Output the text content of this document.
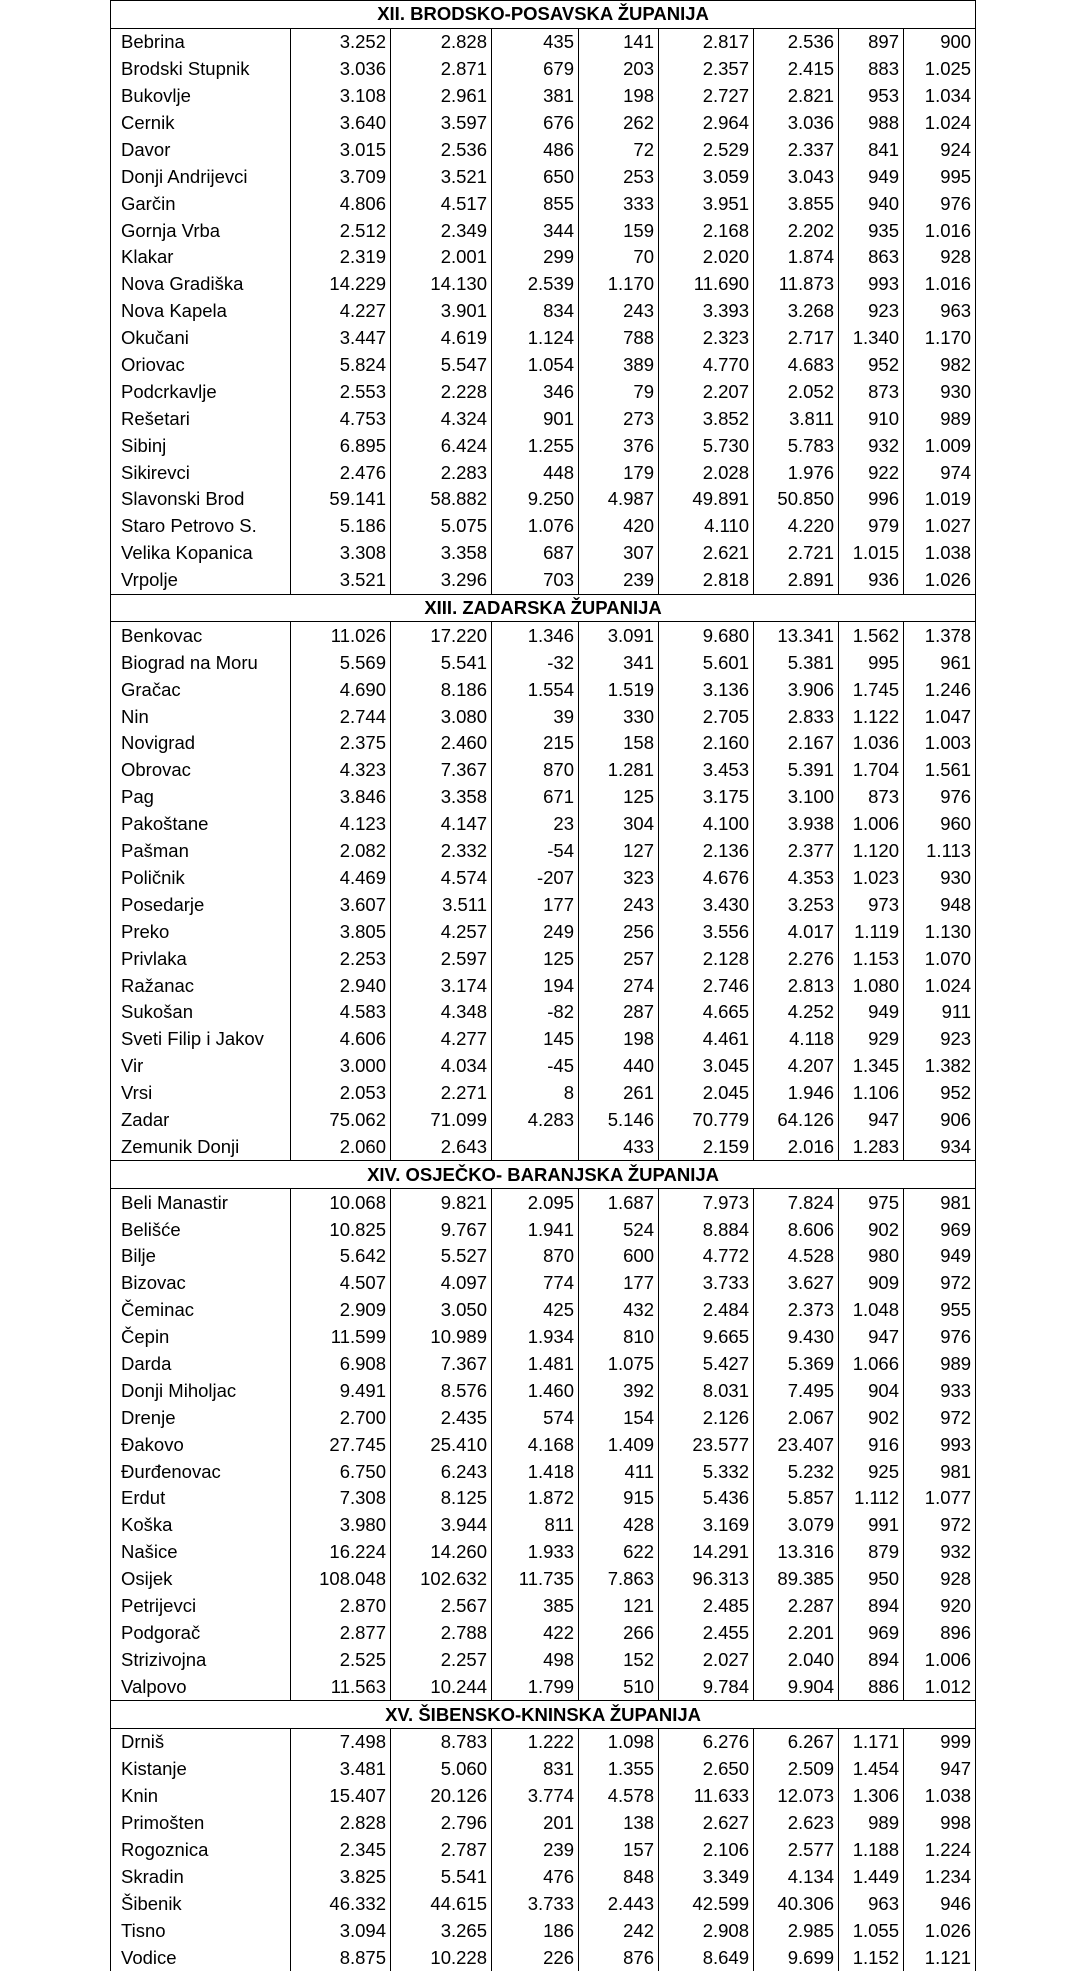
XII. BRODSKO-POSAVSKA ŽUPANIJA								
Bebrina	3.252	2.828	435	141	2.817	2.536	897	900
Brodski Stupnik	3.036	2.871	679	203	2.357	2.415	883	1.025
Bukovlje	3.108	2.961	381	198	2.727	2.821	953	1.034
Cernik	3.640	3.597	676	262	2.964	3.036	988	1.024
Davor	3.015	2.536	486	72	2.529	2.337	841	924
Donji Andrijevci	3.709	3.521	650	253	3.059	3.043	949	995
Garčin	4.806	4.517	855	333	3.951	3.855	940	976
Gornja Vrba	2.512	2.349	344	159	2.168	2.202	935	1.016
Klakar	2.319	2.001	299	70	2.020	1.874	863	928
Nova Gradiška	14.229	14.130	2.539	1.170	11.690	11.873	993	1.016
Nova Kapela	4.227	3.901	834	243	3.393	3.268	923	963
Okučani	3.447	4.619	1.124	788	2.323	2.717	1.340	1.170
Oriovac	5.824	5.547	1.054	389	4.770	4.683	952	982
Podcrkavlje	2.553	2.228	346	79	2.207	2.052	873	930
Rešetari	4.753	4.324	901	273	3.852	3.811	910	989
Sibinj	6.895	6.424	1.255	376	5.730	5.783	932	1.009
Sikirevci	2.476	2.283	448	179	2.028	1.976	922	974
Slavonski Brod	59.141	58.882	9.250	4.987	49.891	50.850	996	1.019
Staro Petrovo S.	5.186	5.075	1.076	420	4.110	4.220	979	1.027
Velika Kopanica	3.308	3.358	687	307	2.621	2.721	1.015	1.038
Vrpolje	3.521	3.296	703	239	2.818	2.891	936	1.026
XIII. ZADARSKA ŽUPANIJA								
Benkovac	11.026	17.220	1.346	3.091	9.680	13.341	1.562	1.378
Biograd na Moru	5.569	5.541	-32	341	5.601	5.381	995	961
Gračac	4.690	8.186	1.554	1.519	3.136	3.906	1.745	1.246
Nin	2.744	3.080	39	330	2.705	2.833	1.122	1.047
Novigrad	2.375	2.460	215	158	2.160	2.167	1.036	1.003
Obrovac	4.323	7.367	870	1.281	3.453	5.391	1.704	1.561
Pag	3.846	3.358	671	125	3.175	3.100	873	976
Pakoštane	4.123	4.147	23	304	4.100	3.938	1.006	960
Pašman	2.082	2.332	-54	127	2.136	2.377	1.120	1.113
Poličnik	4.469	4.574	-207	323	4.676	4.353	1.023	930
Posedarje	3.607	3.511	177	243	3.430	3.253	973	948
Preko	3.805	4.257	249	256	3.556	4.017	1.119	1.130
Privlaka	2.253	2.597	125	257	2.128	2.276	1.153	1.070
Ražanac	2.940	3.174	194	274	2.746	2.813	1.080	1.024
Sukošan	4.583	4.348	-82	287	4.665	4.252	949	911
Sveti Filip i Jakov	4.606	4.277	145	198	4.461	4.118	929	923
Vir	3.000	4.034	-45	440	3.045	4.207	1.345	1.382
Vrsi	2.053	2.271	8	261	2.045	1.946	1.106	952
Zadar	75.062	71.099	4.283	5.146	70.779	64.126	947	906
Zemunik Donji	2.060	2.643		433	2.159	2.016	1.283	934
XIV. OSJEČKO- BARANJSKA ŽUPANIJA								
Beli Manastir	10.068	9.821	2.095	1.687	7.973	7.824	975	981
Belišće	10.825	9.767	1.941	524	8.884	8.606	902	969
Bilje	5.642	5.527	870	600	4.772	4.528	980	949
Bizovac	4.507	4.097	774	177	3.733	3.627	909	972
Čeminac	2.909	3.050	425	432	2.484	2.373	1.048	955
Čepin	11.599	10.989	1.934	810	9.665	9.430	947	976
Darda	6.908	7.367	1.481	1.075	5.427	5.369	1.066	989
Donji Miholjac	9.491	8.576	1.460	392	8.031	7.495	904	933
Drenje	2.700	2.435	574	154	2.126	2.067	902	972
Đakovo	27.745	25.410	4.168	1.409	23.577	23.407	916	993
Đurđenovac	6.750	6.243	1.418	411	5.332	5.232	925	981
Erdut	7.308	8.125	1.872	915	5.436	5.857	1.112	1.077
Koška	3.980	3.944	811	428	3.169	3.079	991	972
Našice	16.224	14.260	1.933	622	14.291	13.316	879	932
Osijek	108.048	102.632	11.735	7.863	96.313	89.385	950	928
Petrijevci	2.870	2.567	385	121	2.485	2.287	894	920
Podgorač	2.877	2.788	422	266	2.455	2.201	969	896
Strizivojna	2.525	2.257	498	152	2.027	2.040	894	1.006
Valpovo	11.563	10.244	1.799	510	9.784	9.904	886	1.012
XV. ŠIBENSKO-KNINSKA ŽUPANIJA								
Drniš	7.498	8.783	1.222	1.098	6.276	6.267	1.171	999
Kistanje	3.481	5.060	831	1.355	2.650	2.509	1.454	947
Knin	15.407	20.126	3.774	4.578	11.633	12.073	1.306	1.038
Primošten	2.828	2.796	201	138	2.627	2.623	989	998
Rogoznica	2.345	2.787	239	157	2.106	2.577	1.188	1.224
Skradin	3.825	5.541	476	848	3.349	4.134	1.449	1.234
Šibenik	46.332	44.615	3.733	2.443	42.599	40.306	963	946
Tisno	3.094	3.265	186	242	2.908	2.985	1.055	1.026
Vodice	8.875	10.228	226	876	8.649	9.699	1.152	1.121
